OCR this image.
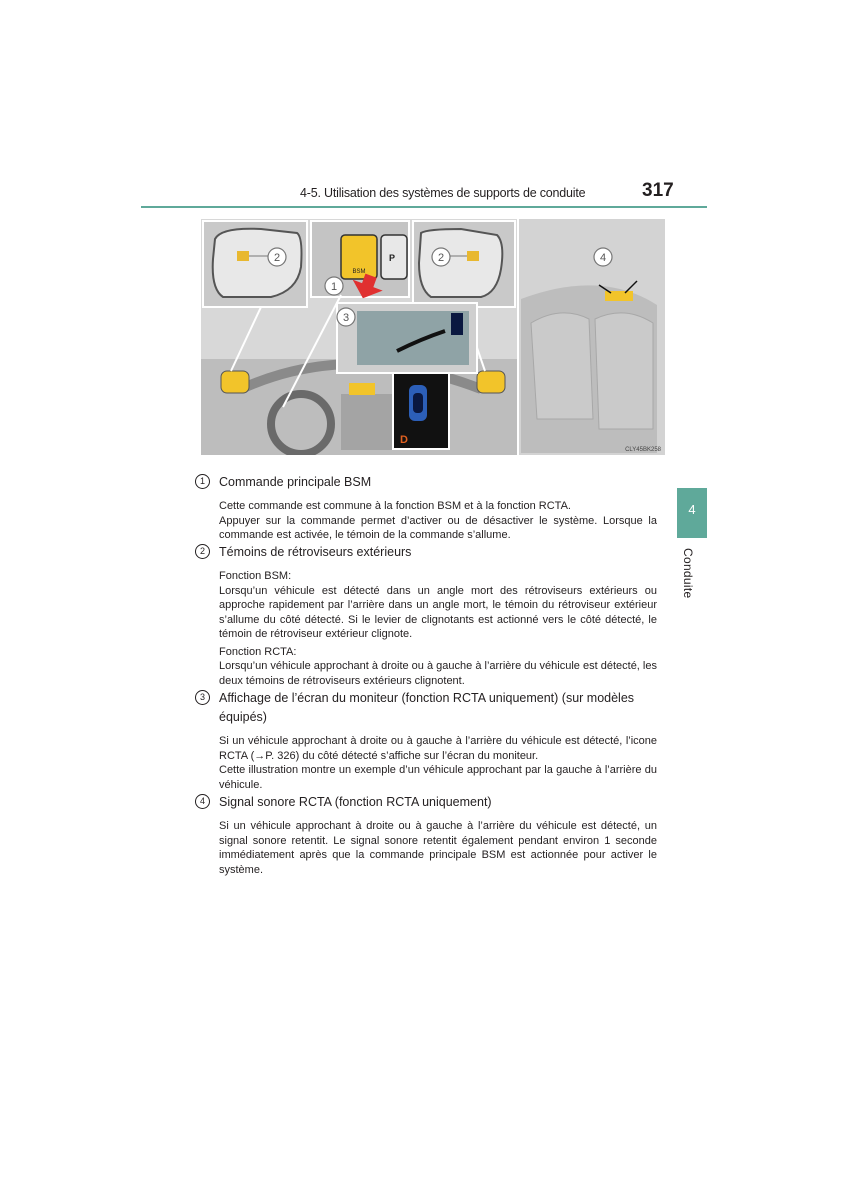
4-5. Utilisation des systèmes de supports de conduite	317
D
1
2	2
3
4
BSM
P
CLY45BK258
4
Conduite
1	Commande principale BSM

Cette commande est commune à la fonction BSM et à la fonction RCTA.

Appuyer sur la commande permet d’activer ou de désactiver le système. Lorsque la commande est activée, le témoin de la commande s’allume.

2	Témoins de rétroviseurs extérieurs

Fonction BSM:

Lorsqu’un véhicule est détecté dans un angle mort des rétroviseurs extérieurs ou approche rapidement par l’arrière dans un angle mort, le témoin du rétroviseur extérieur s’allume du côté détecté. Si le levier de clignotants est actionné vers le côté détecté, le témoin de rétroviseur extérieur clignote.

Fonction RCTA:

Lorsqu’un véhicule approchant à droite ou à gauche à l’arrière du véhicule est détecté, les deux témoins de rétroviseurs extérieurs clignotent.

3	Affichage de l’écran du moniteur (fonction RCTA uniquement) (sur modèles équipés)

Si un véhicule approchant à droite ou à gauche à l’arrière du véhicule est détecté, l’icone RCTA (→P. 326) du côté détecté s’affiche sur l’écran du moniteur.

Cette illustration montre un exemple d’un véhicule approchant par la gauche à l’arrière du véhicule.

4	Signal sonore RCTA (fonction RCTA uniquement)

Si un véhicule approchant à droite ou à gauche à l’arrière du véhicule est détecté, un signal sonore retentit. Le signal sonore retentit également pendant environ 1 seconde immédiatement après que la commande principale BSM est actionnée pour activer le système.
